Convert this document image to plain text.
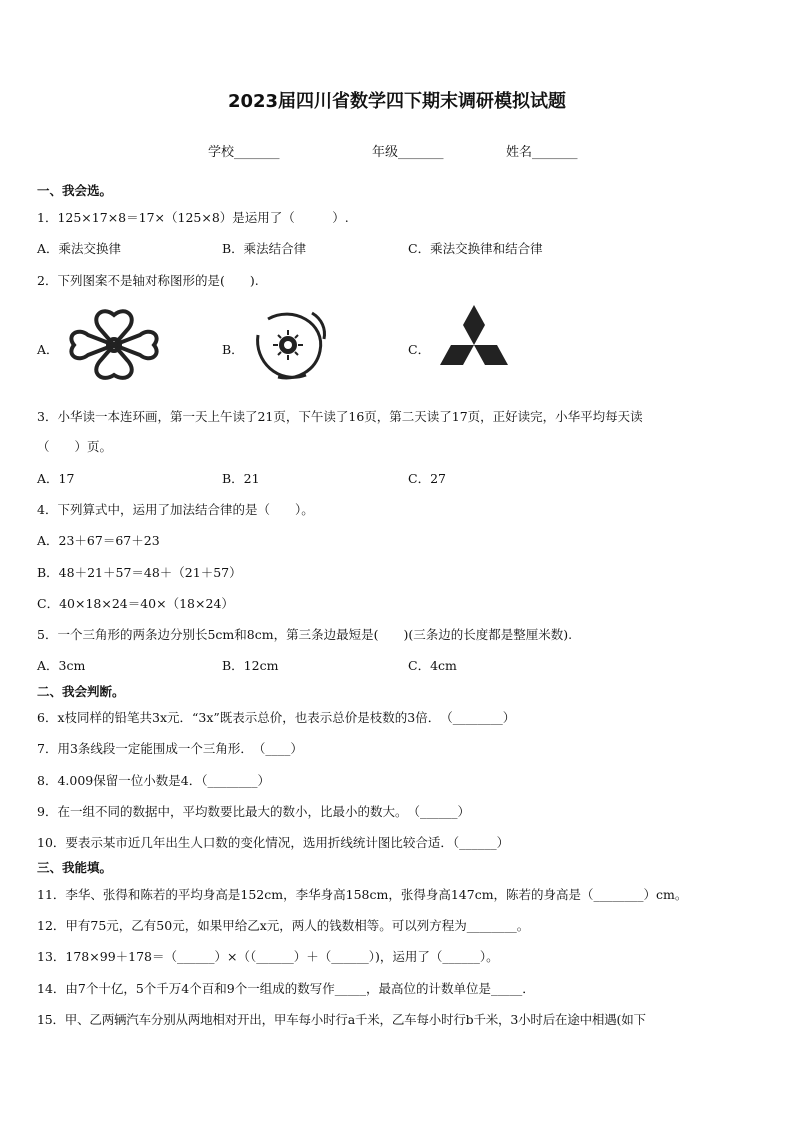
2023届四川省数学四下期末调研模拟试题
学校_______	年级_______	姓名_______
一、我会选。
1．125×17×8＝17×（125×8）是运用了（　　　）.
A．乘法交换律	B．乘法结合律	C．乘法交换律和结合律
2．下列图案不是轴对称图形的是(　　).
A．	B．	C．
3．小华读一本连环画，第一天上午读了21页，下午读了16页，第二天读了17页，正好读完，小华平均每天读
（　　）页。
A．17	B．21	C．27
4．下列算式中，运用了加法结合律的是（　　）。
A．23＋67＝67＋23
B．48＋21＋57＝48＋（21＋57）
C．40×18×24＝40×（18×24）
5．一个三角形的两条边分别长5cm和8cm，第三条边最短是(　　)(三条边的长度都是整厘米数).
A．3cm	B．12cm	C．4cm
二、我会判断。
6．x枝同样的铅笔共3x元．“3x”既表示总价，也表示总价是枝数的3倍．　（________）
7．用3条线段一定能围成一个三角形．　（____）
8．4.009保留一位小数是4．（________）
9．在一组不同的数据中，平均数要比最大的数小，比最小的数大。　（______）
10．要表示某市近几年出生人口数的变化情况，选用折线统计图比较合适．（______）
三、我能填。
11．李华、张得和陈若的平均身高是152cm，李华身高158cm，张得身高147cm，陈若的身高是（________）cm。
12．甲有75元，乙有50元，如果甲给乙x元，两人的钱数相等。可以列方程为________。
13．178×99＋178＝（______）×（（______）＋（______）)，运用了（______）。
14．由7个十亿，5个千万4个百和9个一组成的数写作_____，最高位的计数单位是_____．
15．甲、乙两辆汽车分别从两地相对开出，甲车每小时行a千米，乙车每小时行b千米，3小时后在途中相遇(如下
